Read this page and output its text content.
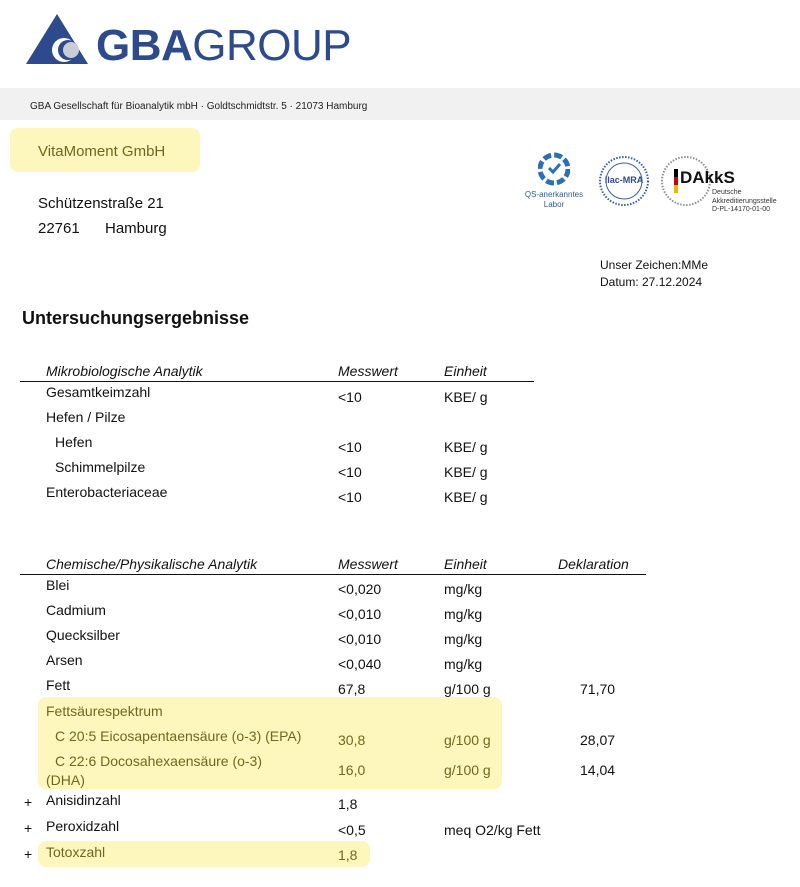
GBAGROUP
GBA Gesellschaft für Bioanalytik mbH · Goldtschmidtstr. 5 · 21073 Hamburg
VitaMoment GmbH
Schützenstraße 21
22761 Hamburg
QS-anerkanntes
Labor
ilac-MRA	DAkkS
Deutsche
Akkreditierungsstelle
D-PL-14170-01-00
Unser Zeichen:MMe
Datum: 27.12.2024
Untersuchungsergebnisse
Mikrobiologische Analytik	Messwert	Einheit
Gesamtkeimzahl	<10	KBE/ g
Hefen / Pilze
Hefen	<10	KBE/ g
Schimmelpilze	<10	KBE/ g
Enterobacteriaceae	<10	KBE/ g
Chemische/Physikalische Analytik	Messwert	Einheit	Deklaration
Blei	<0,020	mg/kg
Cadmium	<0,010	mg/kg
Quecksilber	<0,010	mg/kg
Arsen	<0,040	mg/kg
Fett	67,8	g/100 g	71,70
Fettsäurespektrum
C 20:5 Eicosapentaensäure (o-3) (EPA)	30,8	g/100 g	28,07
C 22:6 Docosahexaensäure (o-3)
(DHA)
16,0	g/100 g	14,04
+ Anisidinzahl	1,8
+ Peroxidzahl	<0,5	meq O2/kg Fett
+ Totoxzahl	1,8
